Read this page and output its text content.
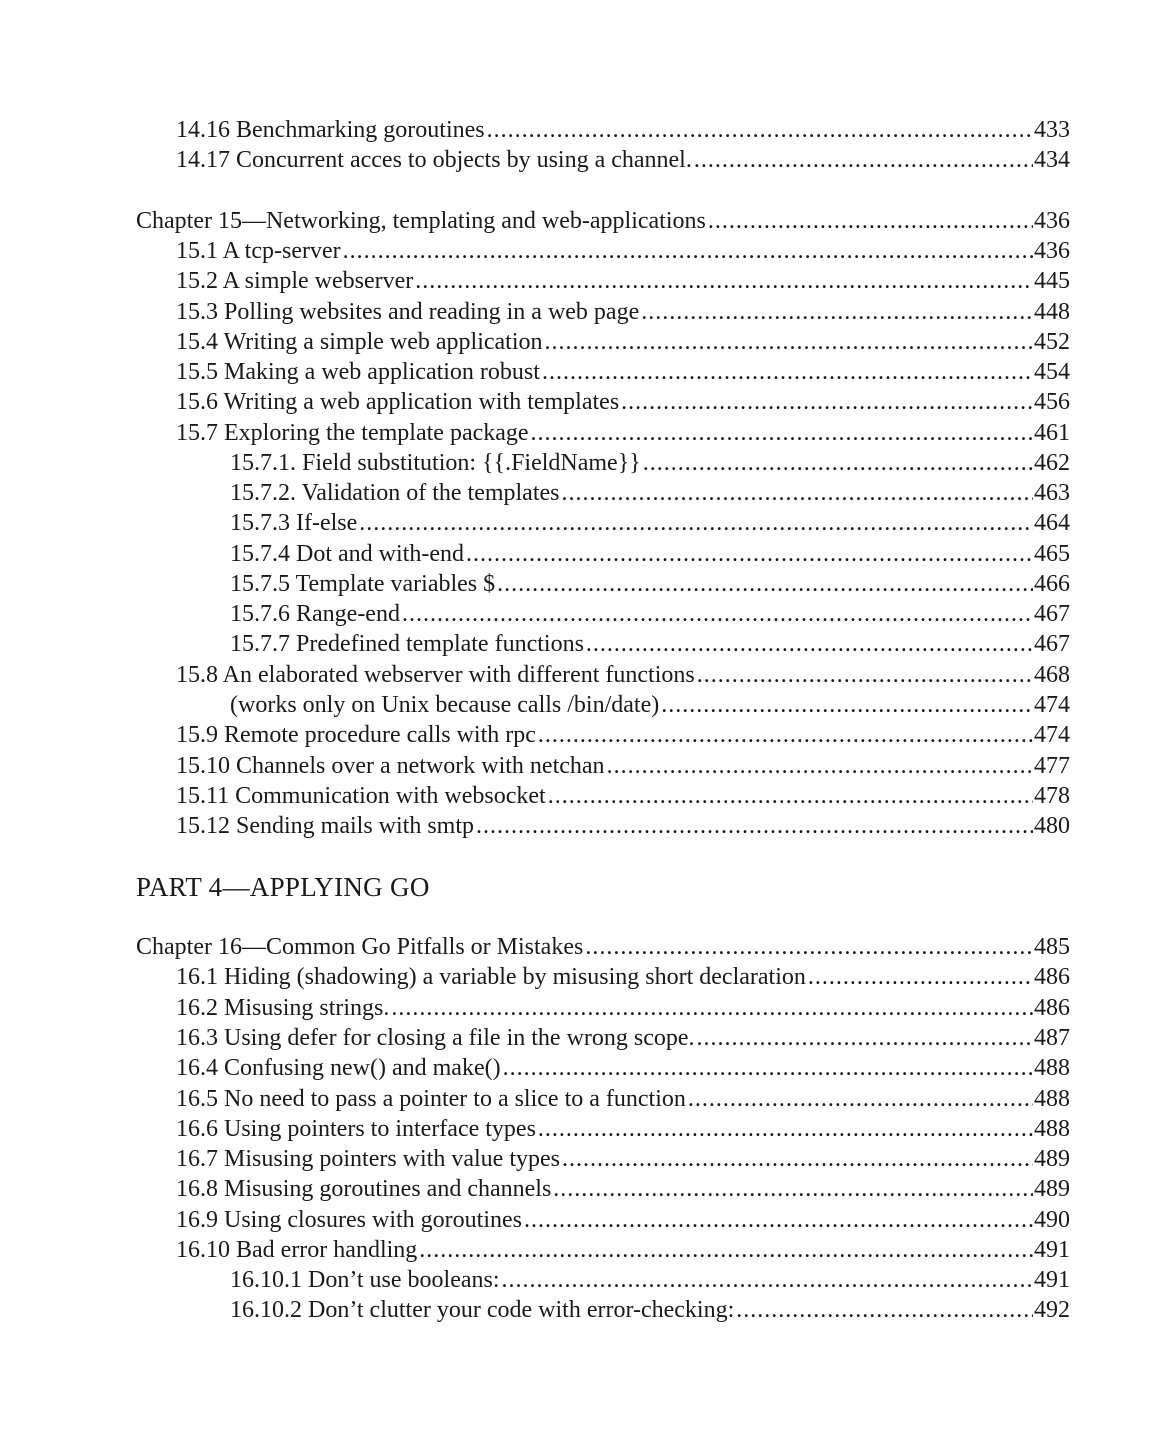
14.16 Benchmarking goroutines .....	433
14.17 Concurrent acces to objects by using a channel. .....	434
Chapter 15—Networking, templating and web-applications .....	436
15.1 A tcp-server .....	436
15.2 A simple webserver .....	445
15.3 Polling websites and reading in a web page .....	448
15.4 Writing a simple web application .....	452
15.5 Making a web application robust .....	454
15.6 Writing a web application with templates .....	456
15.7 Exploring the template package .....	461
15.7.1. Field substitution: {{.FieldName}} .....	462
15.7.2. Validation of the templates .....	463
15.7.3 If-else .....	464
15.7.4 Dot and with-end .....	465
15.7.5 Template variables $ .....	466
15.7.6 Range-end .....	467
15.7.7 Predefined template functions .....	467
15.8 An elaborated webserver with different functions .....	468
(works only on Unix because calls /bin/date) .....	474
15.9 Remote procedure calls with rpc .....	474
15.10 Channels over a network with netchan .....	477
15.11 Communication with websocket .....	478
15.12 Sending mails with smtp .....	480
PART 4—APPLYING GO
Chapter 16—Common Go Pitfalls or Mistakes .....	485
16.1 Hiding (shadowing) a variable by misusing short declaration .....	486
16.2 Misusing strings. .....	486
16.3 Using defer for closing a file in the wrong scope. .....	487
16.4 Confusing new() and make() .....	488
16.5 No need to pass a pointer to a slice to a function .....	488
16.6 Using pointers to interface types .....	488
16.7 Misusing pointers with value types .....	489
16.8 Misusing goroutines and channels .....	489
16.9 Using closures with goroutines .....	490
16.10 Bad error handling .....	491
16.10.1 Don’t use booleans: .....	491
16.10.2 Don’t clutter your code with error-checking: .....	492
